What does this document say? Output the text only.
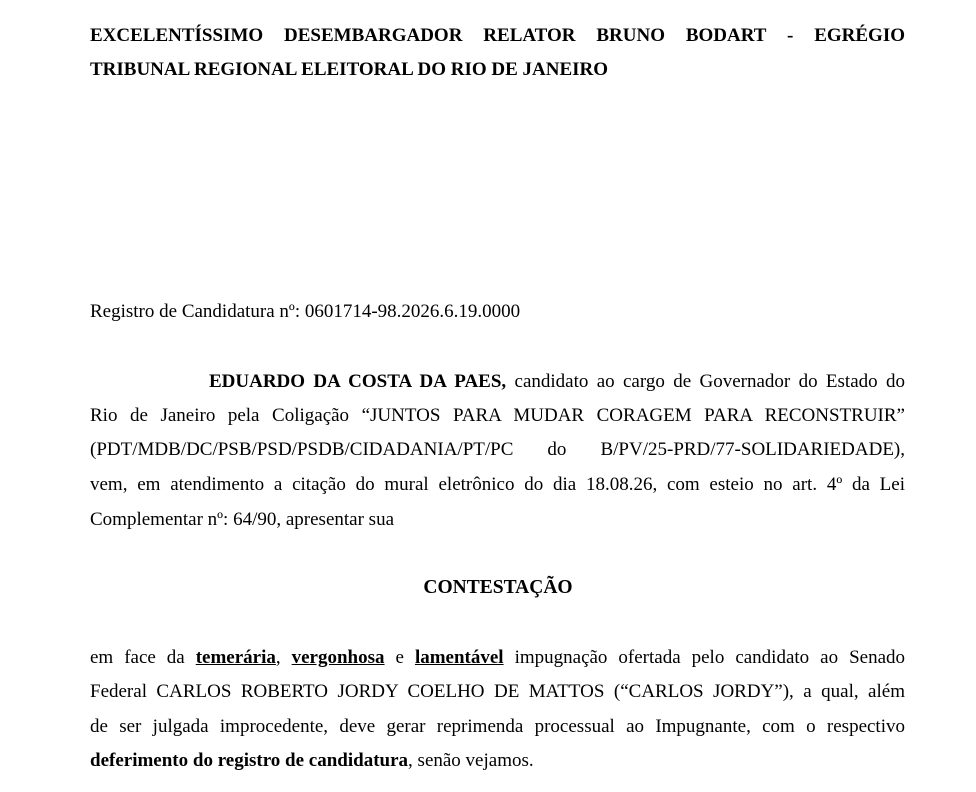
EXCELENTÍSSIMO DESEMBARGADOR RELATOR BRUNO BODART - EGRÉGIO
TRIBUNAL REGIONAL ELEITORAL DO RIO DE JANEIRO
Registro de Candidatura nº: 0601714-98.2026.6.19.0000
EDUARDO DA COSTA DA PAES, candidato ao cargo de Governador do Estado do
Rio de Janeiro pela Coligação “JUNTOS PARA MUDAR CORAGEM PARA RECONSTRUIR”
(PDT/MDB/DC/PSB/PSD/PSDB/CIDADANIA/PT/PC  do  B/PV/25-PRD/77-SOLIDARIEDADE),
vem, em atendimento a citação do mural eletrônico do dia 18.08.26, com esteio no art. 4º da Lei
Complementar nº: 64/90, apresentar sua
CONTESTAÇÃO
em face da temerária, vergonhosa e lamentável impugnação ofertada pelo candidato ao Senado
Federal CARLOS ROBERTO JORDY COELHO DE MATTOS (“CARLOS JORDY”), a qual, além
de ser julgada improcedente, deve gerar reprimenda processual ao Impugnante, com o respectivo
deferimento do registro de candidatura, senão vejamos.
